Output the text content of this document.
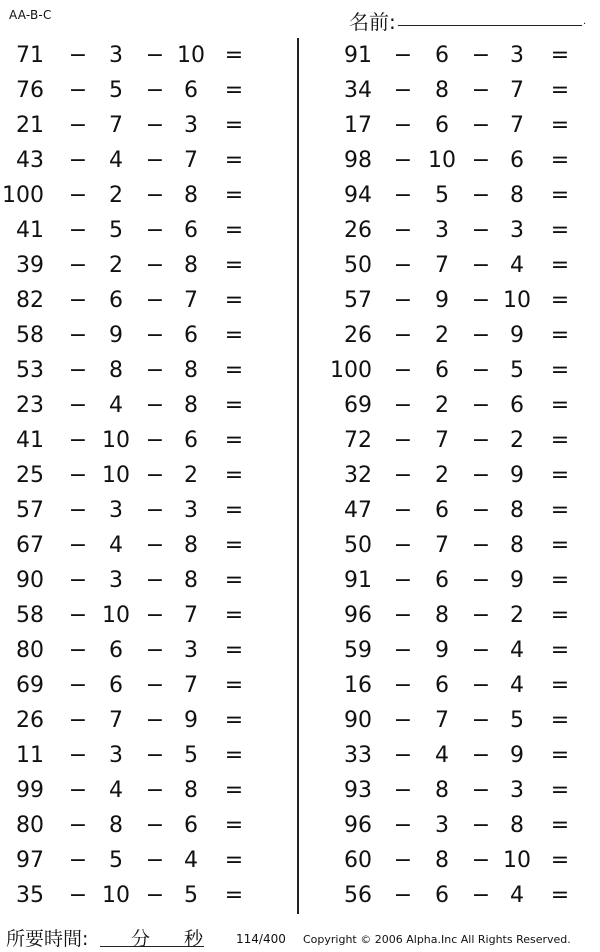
AA-B-C	名前:	.
71 − 3	− 10 =
76 − 5	− 6	=
21 − 7	− 3	=
43 − 4	− 7	=
100 − 2	− 8	=
41 − 5	− 6	=
39 − 2	− 8	=
82 − 6	− 7	=
58 − 9	− 6	=
53 − 8	− 8	=
23 − 4	− 8	=
41 − 10 − 6	=
25 − 10 − 2	=
57 − 3	− 3	=
67 − 4	− 8	=
90 − 3	− 8	=
58 − 10 − 7	=
80 − 6	− 3	=
69 − 6	− 7	=
26 − 7	− 9	=
11 − 3	− 5	=
99 − 4	− 8	=
80 − 8	− 6	=
97 − 5	− 4	=
35 − 10 − 5	=
91 −	6	− 3	=
34 −	8	− 7	=
17 −	6	− 7	=
98 − 10 − 6	=
94 −	5	− 8	=
26 −	3	− 3	=
50 −	7	− 4	=
57 −	9	− 10 =
26 −	2	− 9	=
100 −	6	− 5	=
69 −	2	− 6	=
72 −	7	− 2	=
32 −	2	− 9	=
47 −	6	− 8	=
50 −	7	− 8	=
91 −	6	− 9	=
96 −	8	− 2	=
59 −	9	− 4	=
16 −	6	− 4	=
90 −	7	− 5	=
33 −	4	− 9	=
93 −	8	− 3	=
96 −	3	− 8	=
60 −	8	− 10 =
56 −	6	− 4	=
所要時間: 分 秒	114/400 Copyright © 2006 Alpha.Inc All Rights Reserved.
